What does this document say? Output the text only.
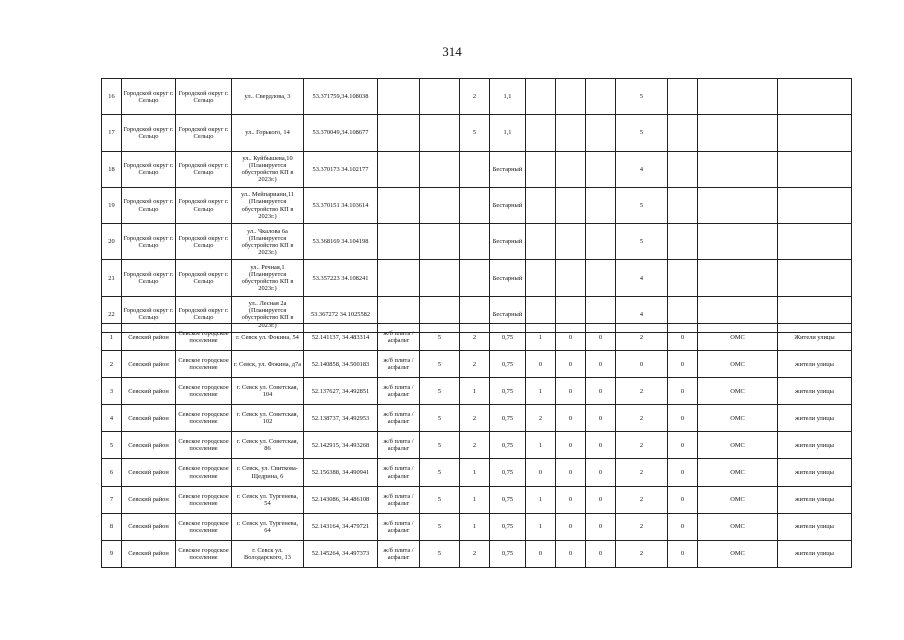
314
16	Городской округ г. Сельцо	Городской округ г. Сельцо	ул.. Свердлова, 3	53.371759,34.108038			2	1,1				5			
17	Городской округ г. Сельцо	Городской округ г. Сельцо	ул.. Горького, 14	53.370049,34.108677			5	1,1				5			
18	Городской округ г. Сельцо	Городской округ г. Сельцо	ул.. Куйбышева,10 (Планируется обустройство КП в 2023г.)	53.370173 34.102177				Бестарный				4			
19	Городской округ г. Сельцо	Городской округ г. Сельцо	ул.. Мейпариани,11 (Планируется обустройство КП в 2023г.)	53.370151 34.103614				Бестарный				5			
20	Городской округ г. Сельцо	Городской округ г. Сельцо	ул.. Чкалова 6а (Планируется обустройство КП в 2023г.)	53.368169 34.104198				Бестарный				5			
21	Городской округ г. Сельцо	Городской округ г. Сельцо	ул.. Речная,1 (Планируется обустройство КП в 2023г.)	53.357223 34.108241				Бестарный				4			
22	Городской округ г. Сельцо	Городской округ г. Сельцо	ул.. Лесная 2а (Планируется обустройство КП в 2023г.)	53.367272 34.1025582				Бестарный				4			
1	Севский район	Севское городское поселение	г. Севск ул. Фокина, 54	52.141137, 34.483314	ж/б плита /асфальт	5	2	0,75	1	0	0	2	0	ОМС	Жители улицы
2	Севский район	Севское городское поселение	г. Севск, ул. Фокина, д7а	52.140858, 34.500183	ж/б плита /асфальт	5	2	0,75	0	0	0	0	0	ОМС	жители улицы
3	Севский район	Севское городское поселение	г. Севск ул. Советская, 104	52.137627, 34.492851	ж/б плита /асфальт	5	1	0,75	1	0	0	2	0	ОМС	жители улицы
4	Севский район	Севское городское поселение	г. Севск ул. Советская, 102	52.138737, 34.492953	ж/б плита /асфальт	5	2	0,75	2	0	0	2	0	ОМС	жители улицы
5	Севский район	Севское городское поселение	г. Севск ул. Советская, 86	52.142915, 34.493268	ж/б плита /асфальт	5	2	0,75	1	0	0	2	0	ОМС	жители улицы
6	Севский район	Севское городское поселение	г. Севск, ул. Свиткова-Щедрина, 6	52.156388, 34.490941	ж/б плита /асфальт	5	1	0,75	0	0	0	2	0	ОМС	жители улицы
7	Севский район	Севское городское поселение	г. Севск ул. Тургенева, 54	52.143086, 34.486108	ж/б плита /асфальт	5	1	0,75	1	0	0	2	0	ОМС	жители улицы
8	Севский район	Севское городское поселение	г. Севск ул. Тургенева, 64	52.143164, 34.479721	ж/б плита /асфальт	5	1	0,75	1	0	0	2	0	ОМС	жители улицы
9	Севский район	Севское городское поселение	г. Севск ул. Володарского, 13	52.145264, 34.497373	ж/б плита /асфальт	5	2	0,75	0	0	0	2	0	ОМС	жители улицы
